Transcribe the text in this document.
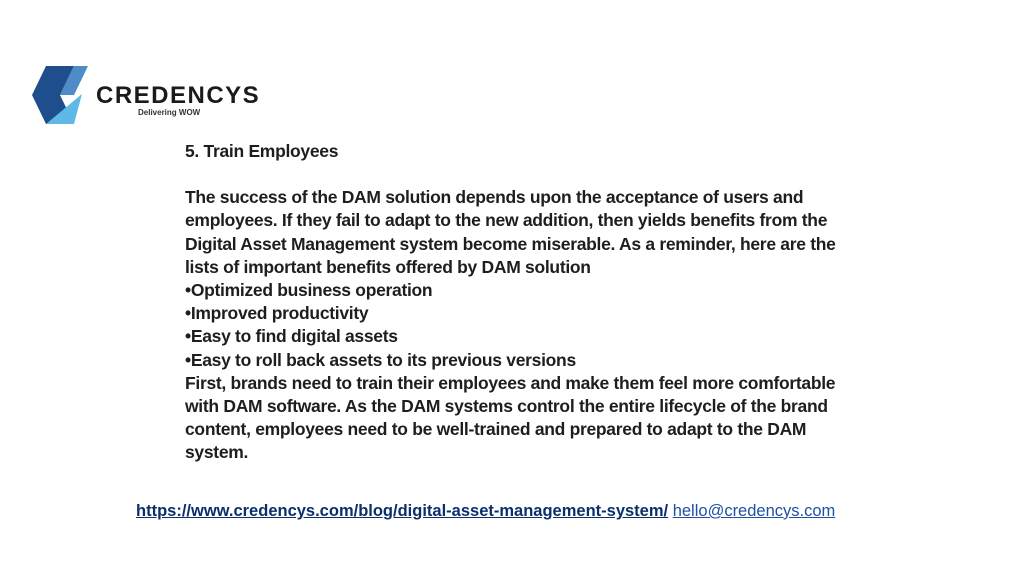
CREDENCYS
Delivering WOW

5. Train Employees

The success of the DAM solution depends upon the acceptance of users and employees. If they fail to adapt to the new addition, then yields benefits from the Digital Asset Management system become miserable. As a reminder, here are the lists of important benefits offered by DAM solution

•Optimized business operation
•Improved productivity
•Easy to find digital assets
•Easy to roll back assets to its previous versions

First, brands need to train their employees and make them feel more comfortable with DAM software. As the DAM systems control the entire lifecycle of the brand content, employees need to be well-trained and prepared to adapt to the DAM system.

https://www.credencys.com/blog/digital-asset-management-system/ hello@credencys.com
